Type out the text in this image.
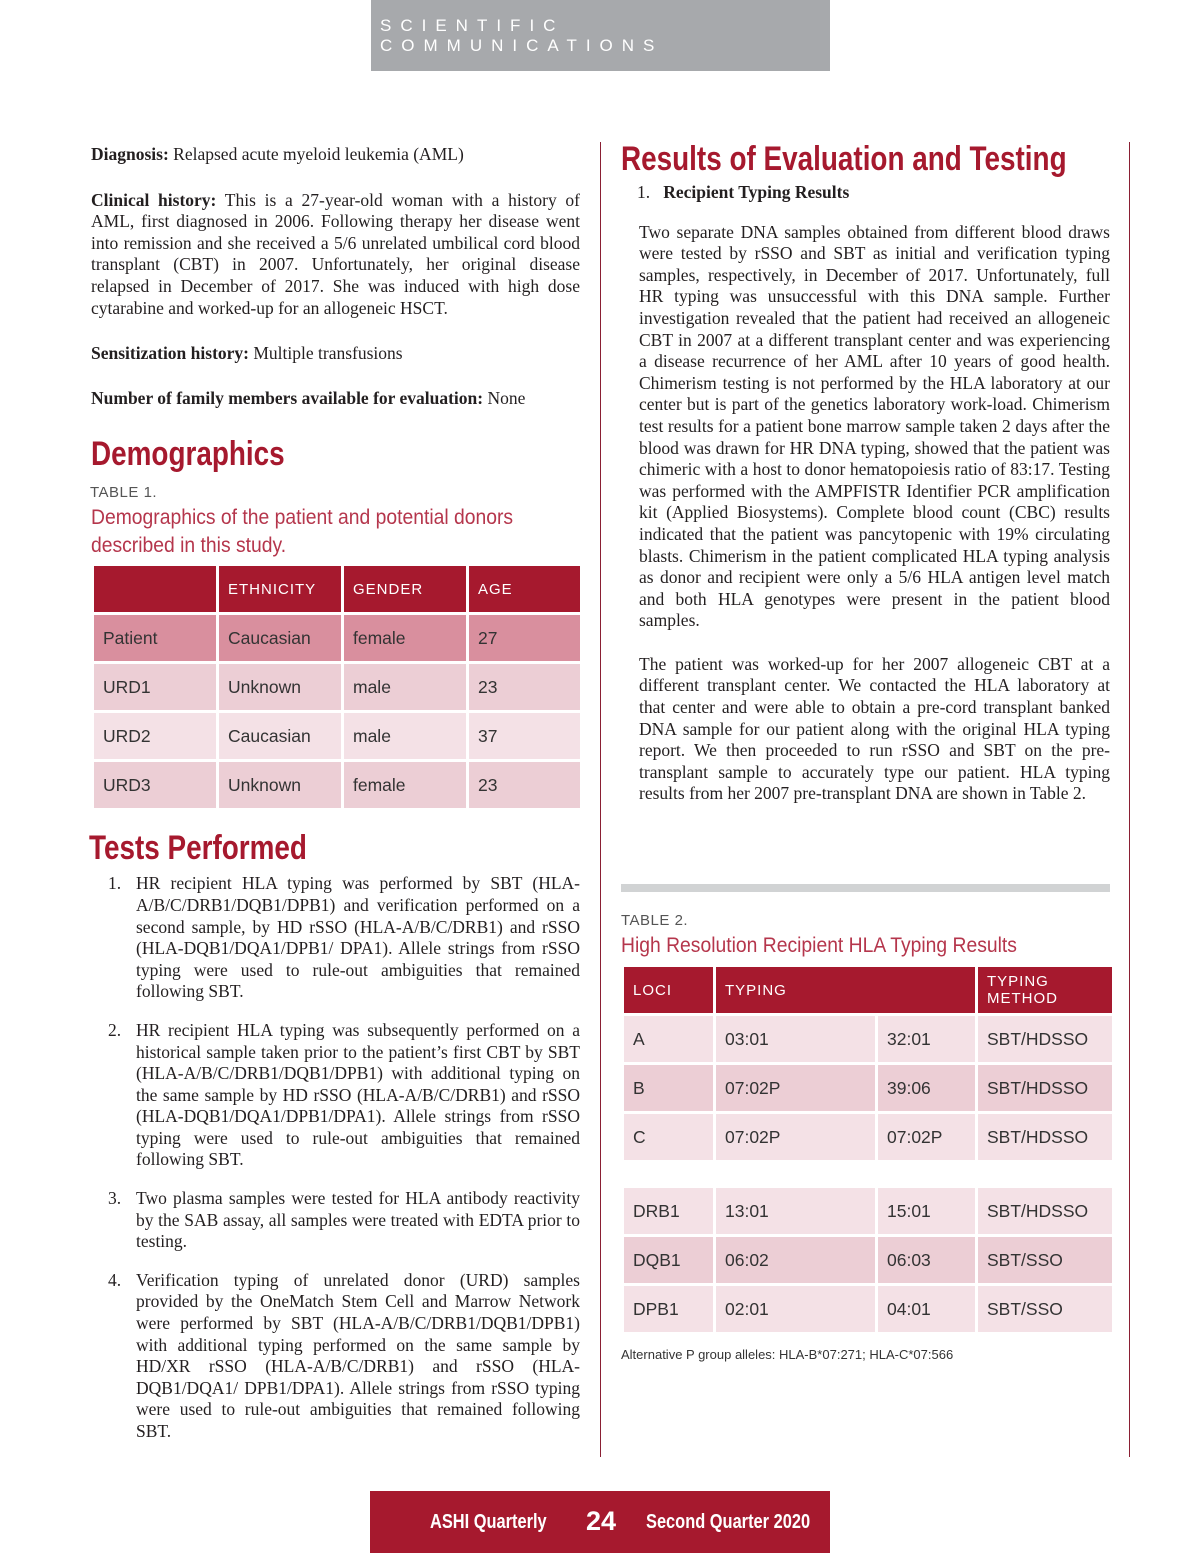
SCIENTIFIC COMMUNICATIONS

Diagnosis: Relapsed acute myeloid leukemia (AML)

Clinical history: This is a 27-year-old woman with a history of AML, first diagnosed in 2006. Following therapy her disease went into remission and she received a 5/6 unrelated umbilical cord blood transplant (CBT) in 2007. Unfortunately, her original disease relapsed in December of 2017. She was induced with high dose cytarabine and worked-up for an allogeneic HSCT.

Sensitization history: Multiple transfusions

Number of family members available for evaluation: None

Demographics

TABLE 1.

Demographics of the patient and potential donors described in this study.

	ETHNICITY	GENDER	AGE
Patient	Caucasian	female	27
URD1	Unknown	male	23
URD2	Caucasian	male	37
URD3	Unknown	female	23
Tests Performed
1. HR recipient HLA typing was performed by SBT (HLA-A/B/C/DRB1/DQB1/DPB1) and verification performed on a second sample, by HD rSSO (HLA-A/B/C/DRB1) and rSSO (HLA-DQB1/DQA1/DPB1/ DPA1). Allele strings from rSSO typing were used to rule-out ambiguities that remained following SBT.
2. HR recipient HLA typing was subsequently performed on a historical sample taken prior to the patient’s first CBT by SBT (HLA-A/B/C/DRB1/DQB1/DPB1) with additional typing on the same sample by HD rSSO (HLA-A/B/C/DRB1) and rSSO (HLA-DQB1/DQA1/DPB1/DPA1). Allele strings from rSSO typing were used to rule-out ambiguities that remained following SBT.
3. Two plasma samples were tested for HLA antibody reactivity by the SAB assay, all samples were treated with EDTA prior to testing.
4. Verification typing of unrelated donor (URD) samples provided by the OneMatch Stem Cell and Marrow Network were performed by SBT (HLA-A/B/C/DRB1/DQB1/DPB1) with additional typing performed on the same sample by HD/XR rSSO (HLA-A/B/C/DRB1) and rSSO (HLA-DQB1/DQA1/ DPB1/DPA1). Allele strings from rSSO typing were used to rule-out ambiguities that remained following SBT.
Results of Evaluation and Testing

1. Recipient Typing Results

Two separate DNA samples obtained from different blood draws were tested by rSSO and SBT as initial and verification typing samples, respectively, in December of 2017. Unfortunately, full HR typing was unsuccessful with this DNA sample. Further investigation revealed that the patient had received an allogeneic CBT in 2007 at a different transplant center and was experiencing a disease recurrence of her AML after 10 years of good health. Chimerism testing is not performed by the HLA laboratory at our center but is part of the genetics laboratory work-load. Chimerism test results for a patient bone marrow sample taken 2 days after the blood was drawn for HR DNA typing, showed that the patient was chimeric with a host to donor hematopoiesis ratio of 83:17. Testing was performed with the AMPFISTR Identifier PCR amplification kit (Applied Biosystems). Complete blood count (CBC) results indicated that the patient was pancytopenic with 19% circulating blasts. Chimerism in the patient complicated HLA typing analysis as donor and recipient were only a 5/6 HLA antigen level match and both HLA genotypes were present in the patient blood samples.

The patient was worked-up for her 2007 allogeneic CBT at a different transplant center. We contacted the HLA laboratory at that center and were able to obtain a pre-cord transplant banked DNA sample for our patient along with the original HLA typing report. We then proceeded to run rSSO and SBT on the pre-transplant sample to accurately type our patient. HLA typing results from her 2007 pre-transplant DNA are shown in Table 2.

TABLE 2.

High Resolution Recipient HLA Typing Results

LOCI	TYPING		TYPING METHOD
A	03:01	32:01	SBT/HDSSO
B	07:02P	39:06	SBT/HDSSO
C	07:02P	07:02P	SBT/HDSSO

DRB1	13:01	15:01	SBT/HDSSO
DQB1	06:02	06:03	SBT/SSO
DPB1	02:01	04:01	SBT/SSO

Alternative P group alleles: HLA-B*07:271; HLA-C*07:566

ASHI Quarterly 24 Second Quarter 2020
